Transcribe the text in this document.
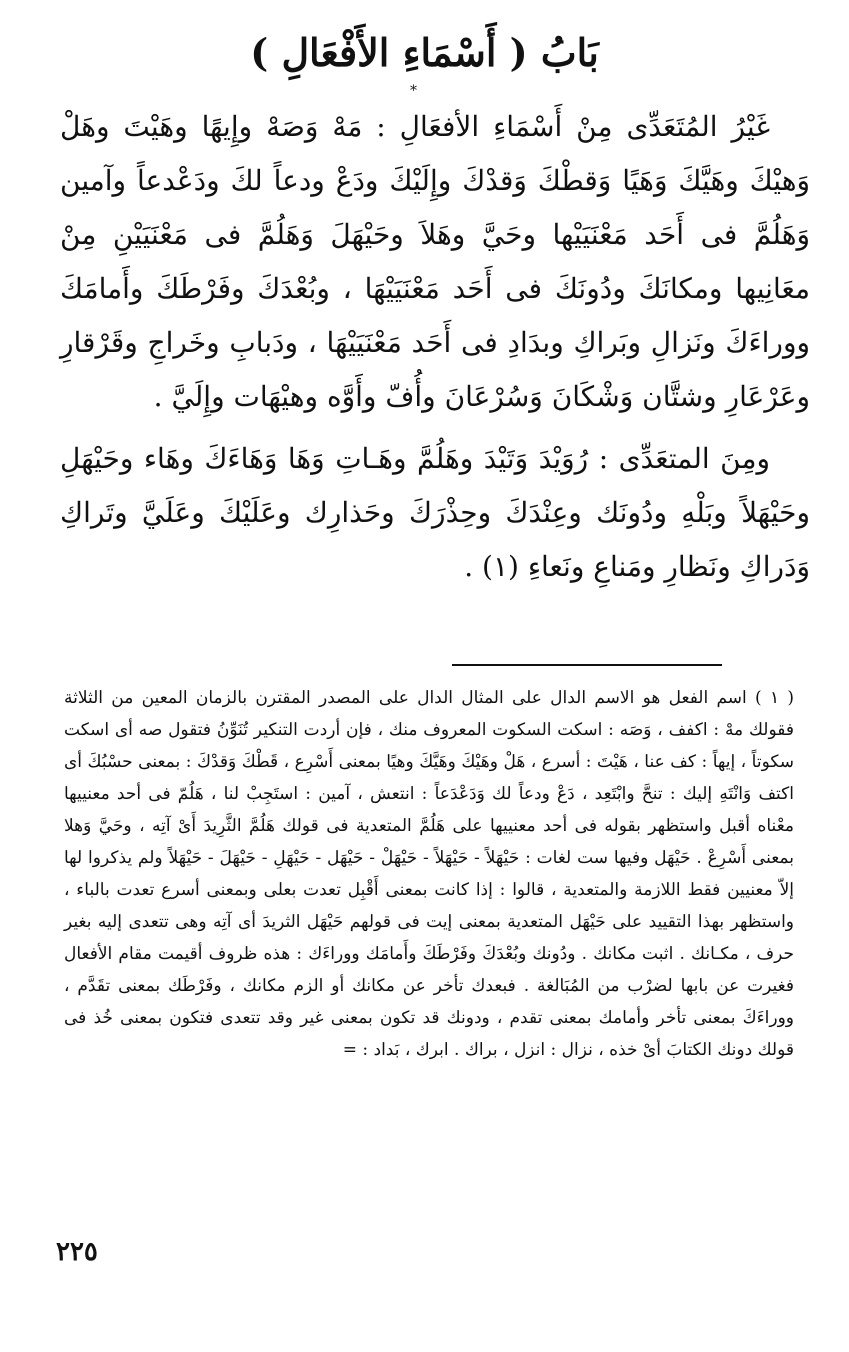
بَابُ ( أَسْمَاءِ الأَفْعَالِ )
*

غَيْرُ المُتَعَدِّى مِنْ أَسْمَاءِ الأفعَالِ : مَهْ وَصَهْ وإِيهًا وهَيْتَ وهَلْ وَهيْكَ وهَيَّكَ وَهَيًا وَقطْكَ وَقدْكَ وإِلَيْكَ ودَعْ ودعاً لكَ ودَعْدعاً وآمين وَهَلُمَّ فى أَحَد مَعْنَيَيْها وحَيَّ وهَلاَ وحَيْهَلَ وَهَلُمَّ فى مَعْنَيَيْنِ مِنْ معَانِيها ومكانَكَ ودُونَكَ فى أَحَد مَعْنَيَيْهَا ، وبُعْدَكَ وفَرْطَكَ وأَمامَكَ ووراءَكَ ونَزالِ وبَراكِ وبدَادِ فى أَحَد مَعْنَيَيْهَا ، ودَبابِ وخَراجِ وقَرْقارِ وعَرْعَارِ وشتَّان وَشْكَانَ وَسُرْعَانَ وأُفّ وأَوَّه وهيْهَات وإِلَيَّ .

ومِنَ المتعَدِّى : رُوَيْدَ وَتَيْدَ وهَلُمَّ وهَـاتِ وَهَا وَهَاءَكَ وهَاء وحَيْهَلِ وحَيْهَلاً وبَلْهِ ودُونَك وعِنْدَكَ وحِذْرَكَ وحَذارِك وعَلَيْكَ وعَلَيَّ وتَراكِ وَدَراكِ ونَظارِ ومَناعِ ونَعاءِ (١) .

( ١ ) اسم الفعل هو الاسم الدال على المثال الدال على المصدر المقترن بالزمان المعين من الثلاثة فقولك مهْ : اكفف ، وَصَه : اسكت السكوت المعروف منك ، فإن أردت التنكير تُنَوِّنُ فتقول صه أى اسكت سكوتاً ، إيهاً : كف عنا ، هَيْتَ : أسرع ، هَلْ وهَيْكَ وهَيَّكَ وهيًا بمعنى أَسْرِع ، قَطْكَ وَقدْكَ : بمعنى حسْبُكَ أى اكتف وَانْتَهِ إليك : تنحَّ وابْتَعِد ، دَعْ ودعاً لك وَدَعْدَعاً : انتعش ، آمين : استَجِبْ لنا ، هَلُمّ فى أحد معنييها معْناه أقبل واستظهر بقوله فى أحد معنييها على هَلُمَّ المتعدية فى قولك هَلُمَّ الثَّرِيدَ أَىْ آتِه ، وحَيَّ وَهلا بمعنى أَسْرِعْ . حَيْهَل وفيها ست لغات : حَيْهَلاً - حَيْهَلاً - حَيْهَلْ - حَيْهَل - حَيْهَلِ - حَيْهَلَ - حَيْهَلاً ولم يذكروا لها إلاّ معنيين فقط اللازمة والمتعدية ، قالوا : إذا كانت بمعنى أَقْبِل تعدت بعلى وبمعنى أسرع تعدت بالباء ، واستظهر بهذا التقييد على حَيْهَل المتعدية بمعنى إيت فى قولهم حَيْهَل الثريدَ أى آتِه وهى تتعدى إليه بغير حرف ، مكـانك . اثبت مكانك . ودُونك وبُعْدَكَ وفَرْطَكَ وأَمامَك ووراءَك : هذه ظروف أقيمت مقام الأفعال فغيرت عن بابها لضرْب من المُبَالغة . فبعدك تأخر عن مكانك أو الزم مكانك ، وفَرْطَك بمعنى تقَدَّم ، ووراءَكَ بمعنى تأخر وأمامك بمعنى تقدم ، ودونك قد تكون بمعنى غير وقد تتعدى فتكون بمعنى خُذ فى قولك دونك الكتابَ أىْ خذه ، نزال : انزل ، براك . ابرك ، بَداد : =

٢٢٥
